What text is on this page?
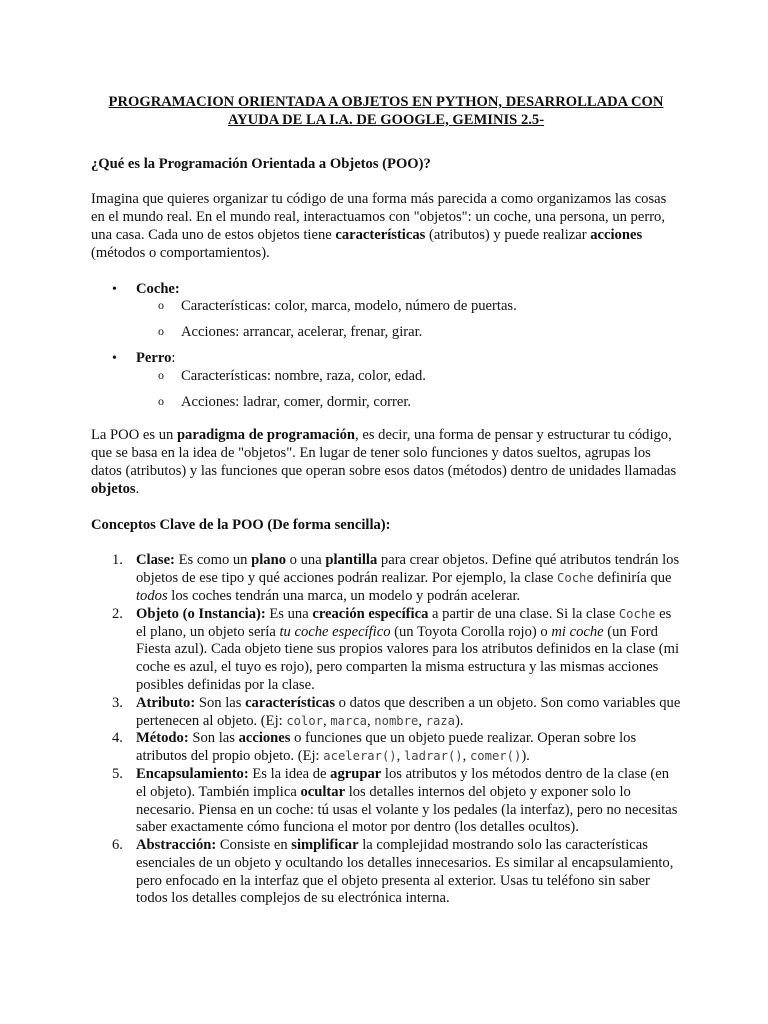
PROGRAMACION ORIENTADA A OBJETOS EN PYTHON, DESARROLLADA CON
AYUDA DE LA I.A. DE GOOGLE, GEMINIS 2.5-
¿Qué es la Programación Orientada a Objetos (POO)?

Imagina que quieres organizar tu código de una forma más parecida a como organizamos las cosas en el mundo real. En el mundo real, interactuamos con "objetos": un coche, una persona, un perro, una casa. Cada uno de estos objetos tiene características (atributos) y puede realizar acciones (métodos o comportamientos).

• Coche:
o Características: color, marca, modelo, número de puertas.
o Acciones: arrancar, acelerar, frenar, girar.
• Perro:
o Características: nombre, raza, color, edad.
o Acciones: ladrar, comer, dormir, correr.

La POO es un paradigma de programación, es decir, una forma de pensar y estructurar tu código, que se basa en la idea de "objetos". En lugar de tener solo funciones y datos sueltos, agrupas los datos (atributos) y las funciones que operan sobre esos datos (métodos) dentro de unidades llamadas objetos.

Conceptos Clave de la POO (De forma sencilla):
1. Clase: Es como un plano o una plantilla para crear objetos. Define qué atributos tendrán los objetos de ese tipo y qué acciones podrán realizar. Por ejemplo, la clase Coche definiría que todos los coches tendrán una marca, un modelo y podrán acelerar.
2. Objeto (o Instancia): Es una creación específica a partir de una clase. Si la clase Coche es el plano, un objeto sería tu coche específico (un Toyota Corolla rojo) o mi coche (un Ford Fiesta azul). Cada objeto tiene sus propios valores para los atributos definidos en la clase (mi coche es azul, el tuyo es rojo), pero comparten la misma estructura y las mismas acciones posibles definidas por la clase.
3. Atributo: Son las características o datos que describen a un objeto. Son como variables que pertenecen al objeto. (Ej: color, marca, nombre, raza).
4. Método: Son las acciones o funciones que un objeto puede realizar. Operan sobre los atributos del propio objeto. (Ej: acelerar(), ladrar(), comer()).
5. Encapsulamiento: Es la idea de agrupar los atributos y los métodos dentro de la clase (en el objeto). También implica ocultar los detalles internos del objeto y exponer solo lo necesario. Piensa en un coche: tú usas el volante y los pedales (la interfaz), pero no necesitas saber exactamente cómo funciona el motor por dentro (los detalles ocultos).
6. Abstracción: Consiste en simplificar la complejidad mostrando solo las características esenciales de un objeto y ocultando los detalles innecesarios. Es similar al encapsulamiento, pero enfocado en la interfaz que el objeto presenta al exterior. Usas tu teléfono sin saber todos los detalles complejos de su electrónica interna.
